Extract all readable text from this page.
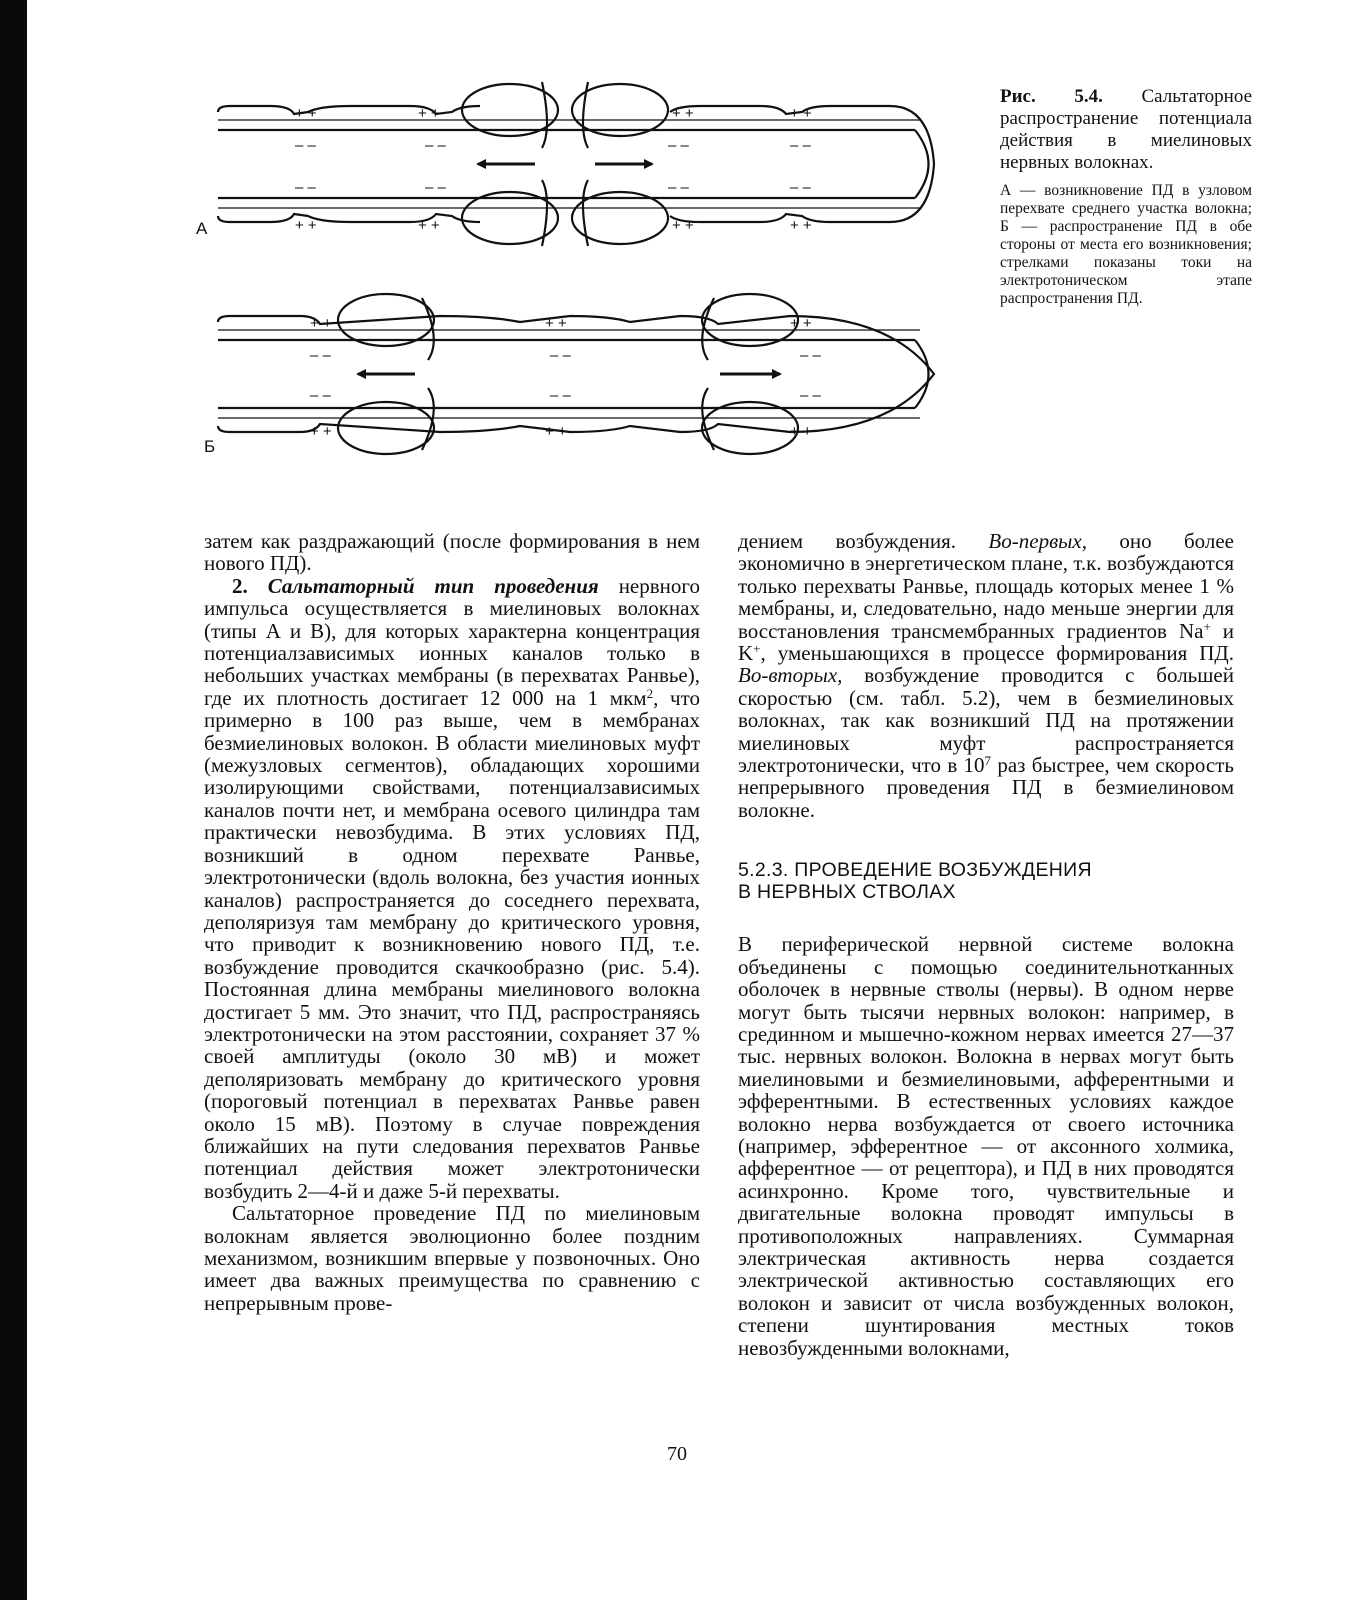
+ +	+ +	+ +	+ +
– –	– –	– –	– –
– –	– –	– –	– –
+ +	+ +	+ +	+ +
+ +	+ +	+ +
– –	– –	– –
– –	– –	– –
+ +	+ +	+ +
А
Б

Рис. 5.4. Сальтаторное распространение потенциала действия в миелиновых нервных волокнах.

А — возникновение ПД в узловом перехвате среднего участка волокна; Б — распространение ПД в обе стороны от места его возникновения; стрелками показаны токи на электротоническом этапе распространения ПД.

затем как раздражающий (после формирования в нем нового ПД).

2. Сальтаторный тип проведения нервного импульса осуществляется в миелиновых волокнах (типы А и В), для которых характерна концентрация потенциалзависимых ионных каналов только в небольших участках мембраны (в перехватах Ранвье), где их плотность достигает 12 000 на 1 мкм$^2$, что примерно в 100 раз выше, чем в мембранах безмиелиновых волокон. В области миелиновых муфт (межузловых сегментов), обладающих хорошими изолирующими свойствами, потенциалзависимых каналов почти нет, и мембрана осевого цилиндра там практически невозбудима. В этих условиях ПД, возникший в одном перехвате Ранвье, электротонически (вдоль волокна, без участия ионных каналов) распространяется до соседнего перехвата, деполяризуя там мембрану до критического уровня, что приводит к возникновению нового ПД, т.е. возбуждение проводится скачкообразно (рис. 5.4). Постоянная длина мембраны миелинового волокна достигает 5 мм. Это значит, что ПД, распространяясь электротонически на этом расстоянии, сохраняет 37 % своей амплитуды (около 30 мВ) и может деполяризовать мембрану до критического уровня (пороговый потенциал в перехватах Ранвье равен около 15 мВ). Поэтому в случае повреждения ближайших на пути следования перехватов Ранвье потенциал действия может электротонически возбудить 2—4-й и даже 5-й перехваты.

Сальтаторное проведение ПД по миелиновым волокнам является эволюционно более поздним механизмом, возникшим впервые у позвоночных. Оно имеет два важных преимущества по сравнению с непрерывным прове-

дением возбуждения. Во-первых, оно более экономично в энергетическом плане, т.к. возбуждаются только перехваты Ранвье, площадь которых менее 1 % мембраны, и, следовательно, надо меньше энергии для восстановления трансмембранных градиентов Na+ и K+, уменьшающихся в процессе формирования ПД. Во-вторых, возбуждение проводится с большей скоростью (см. табл. 5.2), чем в безмиелиновых волокнах, так как возникший ПД на протяжении миелиновых муфт распространяется электротонически, что в $10^7$ раз быстрее, чем скорость непрерывного проведения ПД в безмиелиновом волокне.

5.2.3. ПРОВЕДЕНИЕ ВОЗБУЖДЕНИЯ
В НЕРВНЫХ СТВОЛАХ

В периферической нервной системе волокна объединены с помощью соединительнотканных оболочек в нервные стволы (нервы). В одном нерве могут быть тысячи нервных волокон: например, в срединном и мышечно-кожном нервах имеется 27—37 тыс. нервных волокон. Волокна в нервах могут быть миелиновыми и безмиелиновыми, афферентными и эфферентными. В естественных условиях каждое волокно нерва возбуждается от своего источника (например, эфферентное — от аксонного холмика, афферентное — от рецептора), и ПД в них проводятся асинхронно. Кроме того, чувствительные и двигательные волокна проводят импульсы в противоположных направлениях. Суммарная электрическая активность нерва создается электрической активностью составляющих его волокон и зависит от числа возбужденных волокон, степени шунтирования местных токов невозбужденными волокнами,

70
